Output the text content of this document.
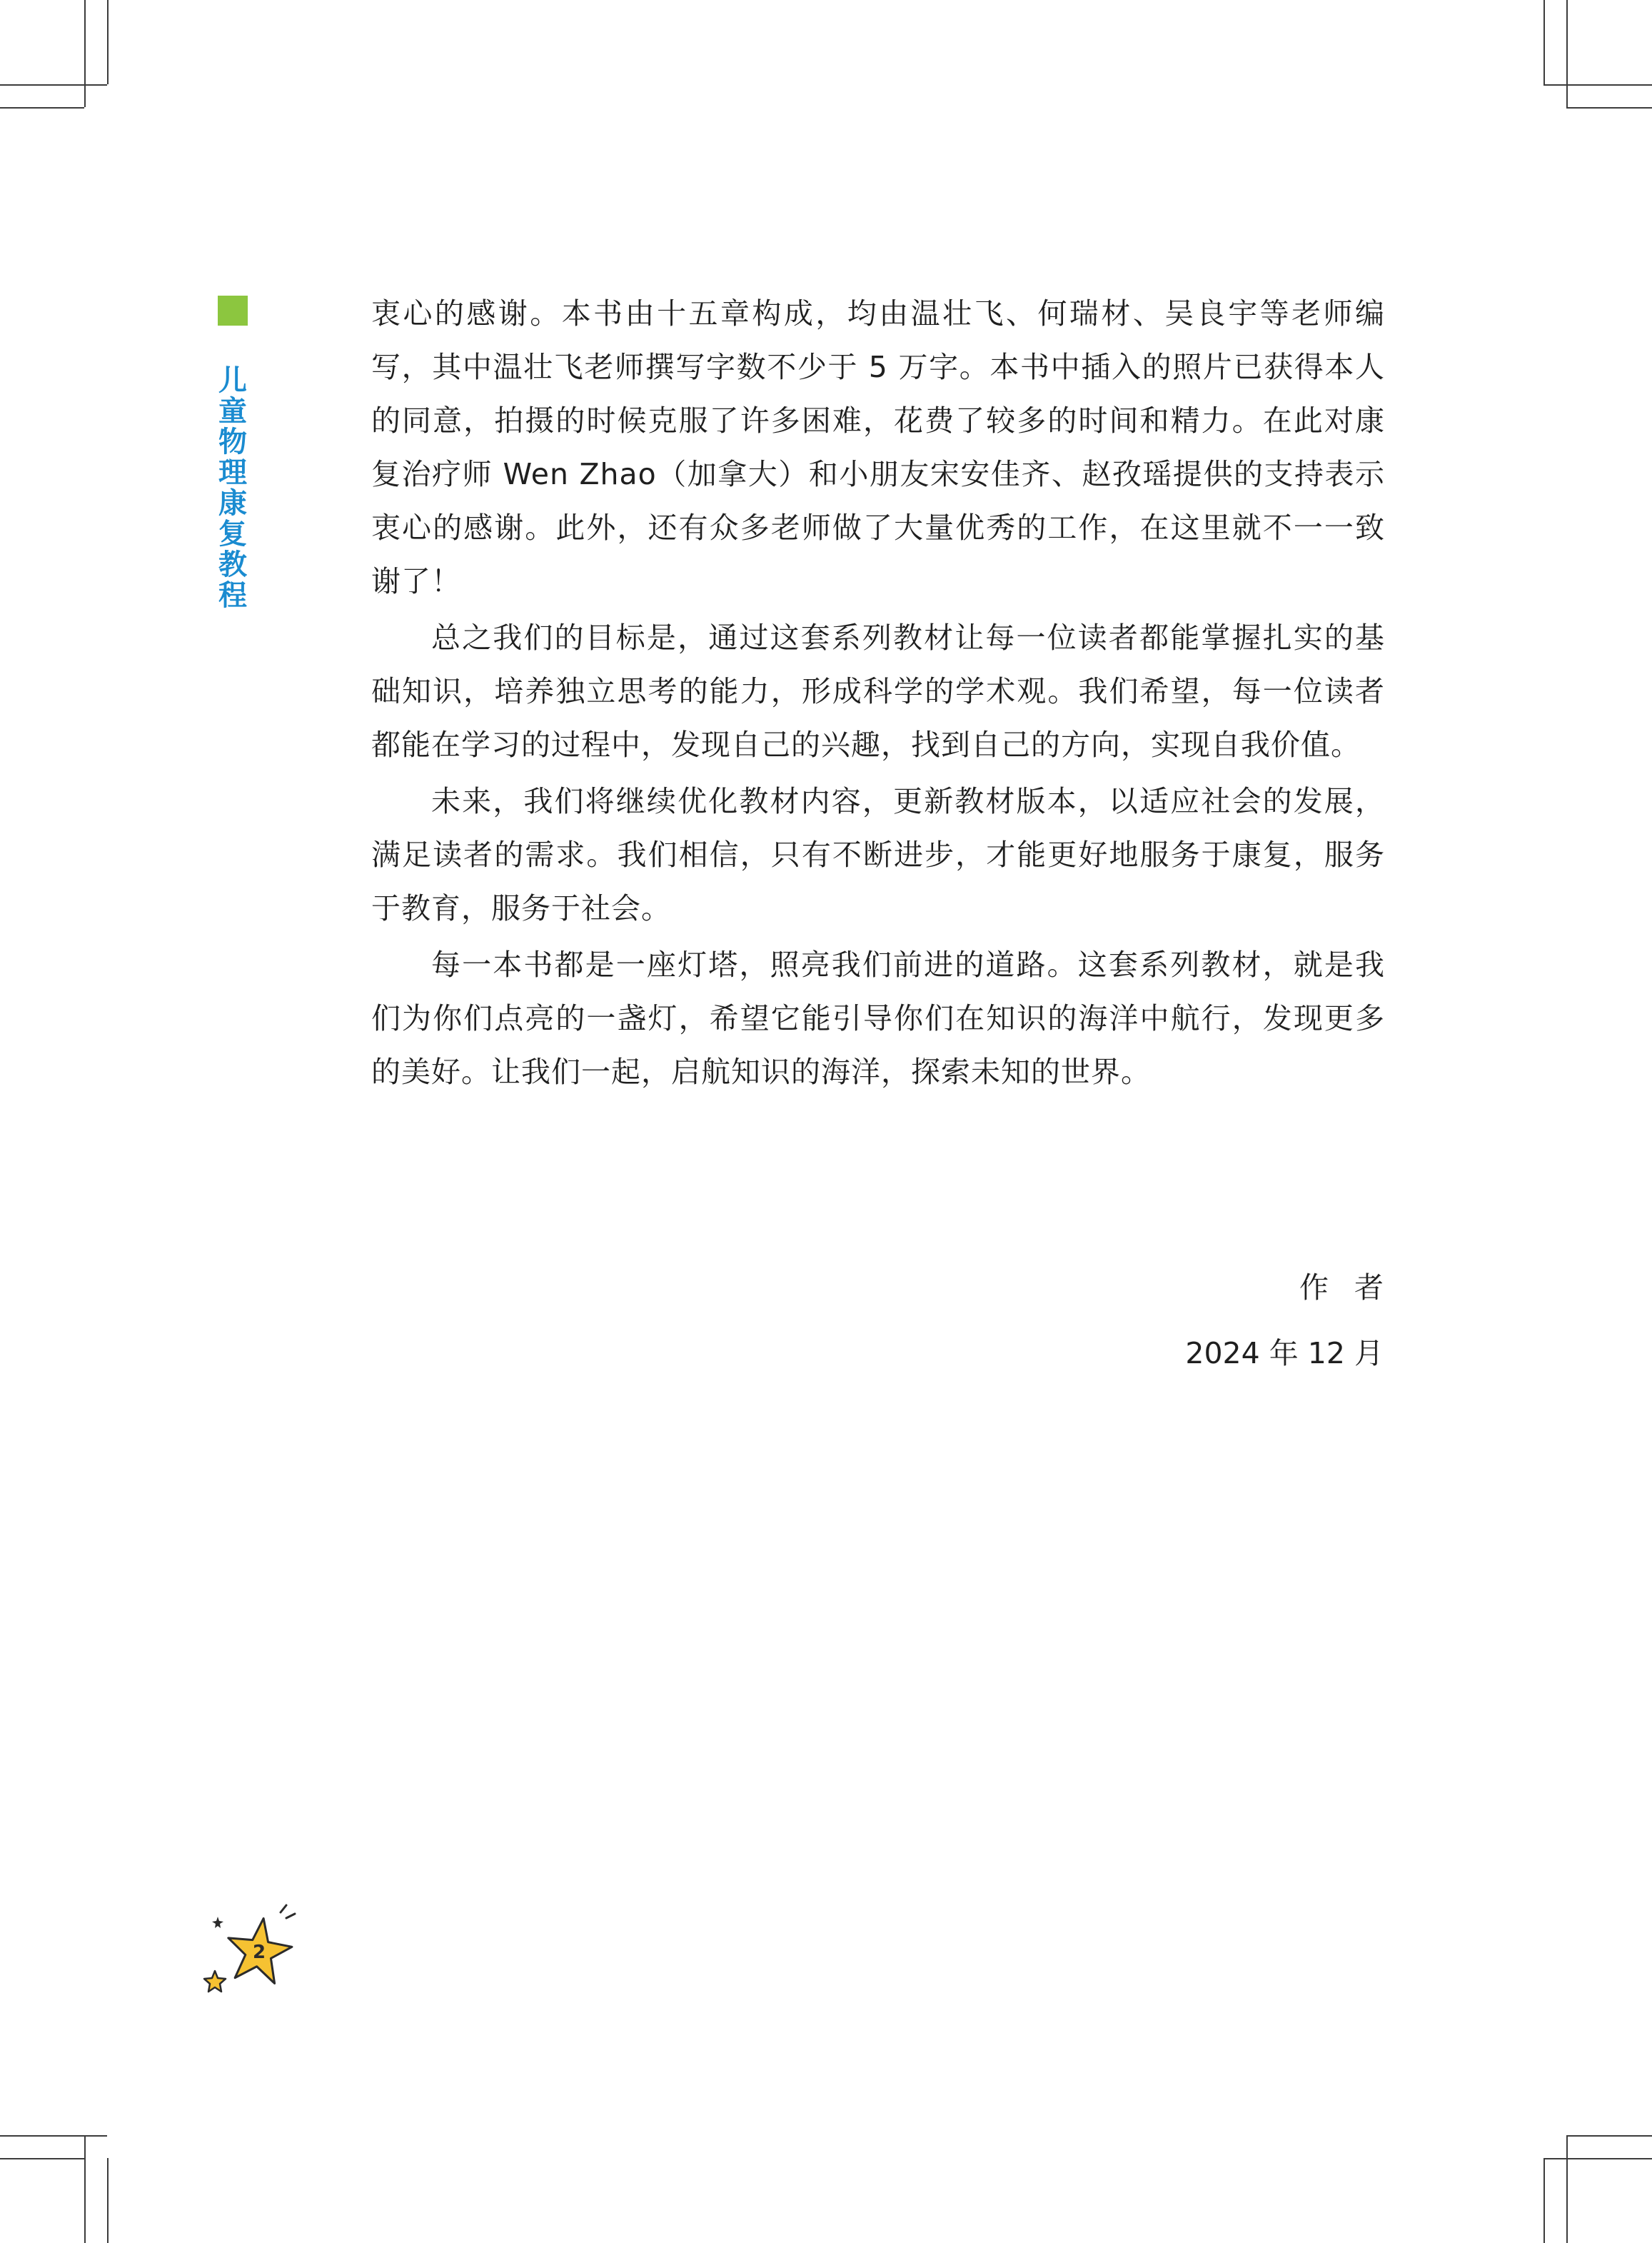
儿
童
物
理
康
复
教
程

衷心的感谢。本书由十五章构成，均由温壮飞、何瑞材、吴良宇等老师编写，其中温壮飞老师撰写字数不少于 5 万字。本书中插入的照片已获得本人的同意，拍摄的时候克服了许多困难，花费了较多的时间和精力。在此对康复治疗师 Wen Zhao（加拿大）和小朋友宋安佳齐、赵孜瑶提供的支持表示衷心的感谢。此外，还有众多老师做了大量优秀的工作，在这里就不一一致谢了！

总之我们的目标是，通过这套系列教材让每一位读者都能掌握扎实的基础知识，培养独立思考的能力，形成科学的学术观。我们希望，每一位读者都能在学习的过程中，发现自己的兴趣，找到自己的方向，实现自我价值。

未来，我们将继续优化教材内容，更新教材版本，以适应社会的发展，满足读者的需求。我们相信，只有不断进步，才能更好地服务于康复，服务于教育，服务于社会。

每一本书都是一座灯塔，照亮我们前进的道路。这套系列教材，就是我们为你们点亮的一盏灯，希望它能引导你们在知识的海洋中航行，发现更多的美好。让我们一起，启航知识的海洋，探索未知的世界。

作者
2024 年 12 月
2
